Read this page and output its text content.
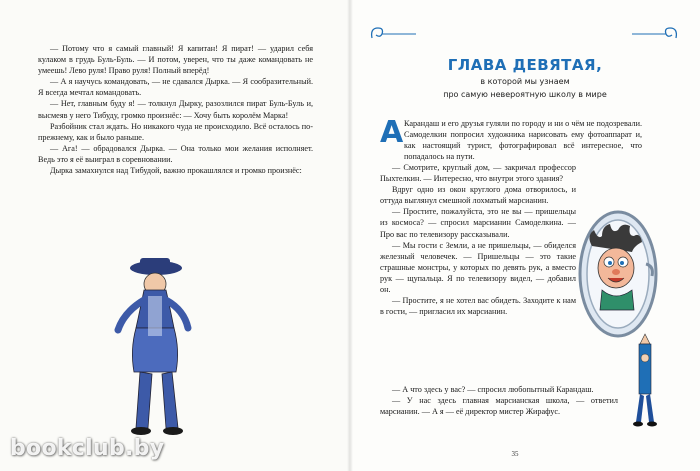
— Потому что я самый главный! Я капитан! Я пират! — ударил себя кулаком в грудь Буль-Буль. — И потом, уверен, что ты даже командовать не умеешь! Лево руля! Право руля! Полный вперёд!

— А я научусь командовать, — не сдавался Дырка. — Я сообразительный. Я всегда мечтал командовать.

— Нет, главным буду я! — толкнул Дырку, разозлился пират Буль-Буль и, высмеяв у него Тибуду, громко произнёс: — Хочу быть королём Марка!

Разбойник стал ждать. Но никакого чуда не происходило. Всё осталось по-прежнему, как и было раньше.

— Ага! — обрадовался Дырка. — Она только мои желания исполняет. Ведь это я её выиграл в соревновании.

Дырка замахнулся над Тибудой, важно прокашлялся и громко произнёс:

ГЛАВА ДЕВЯТАЯ,
в которой мы узнаем
про самую невероятную школу в мире
А Карандаш и его друзья гуляли по городу и ни о чём не подозревали. Самоделкин попросил художника нарисовать ему фотоаппарат и, как настоящий турист, фотографировал всё интересное, что попадалось на пути.

— Смотрите, круглый дом, — закричал профессор Пыхтелкин. — Интересно, что внутри этого здания?

Вдруг одно из окон круглого дома отворилось, и оттуда выглянул смешной лохматый марсианин.

— Простите, пожалуйста, это не вы — пришельцы из космоса? — спросил марсианин Самоделкина. — Про вас по телевизору рассказывали.

— Мы гости с Земли, а не пришельцы, — обиделся железный человечек. — Пришельцы — это такие страшные монстры, у которых по девять рук, а вместо рук — щупальца. Я по телевизору видел, — добавил он.

— Простите, я не хотел вас обидеть. Заходите к нам в гости, — пригласил их марсианин.

— А что здесь у вас? — спросил любопытный Карандаш.

— У нас здесь главная марсианская школа, — ответил марсианин. — А я — её директор мистер Жирафус.

35
bookclub.by
